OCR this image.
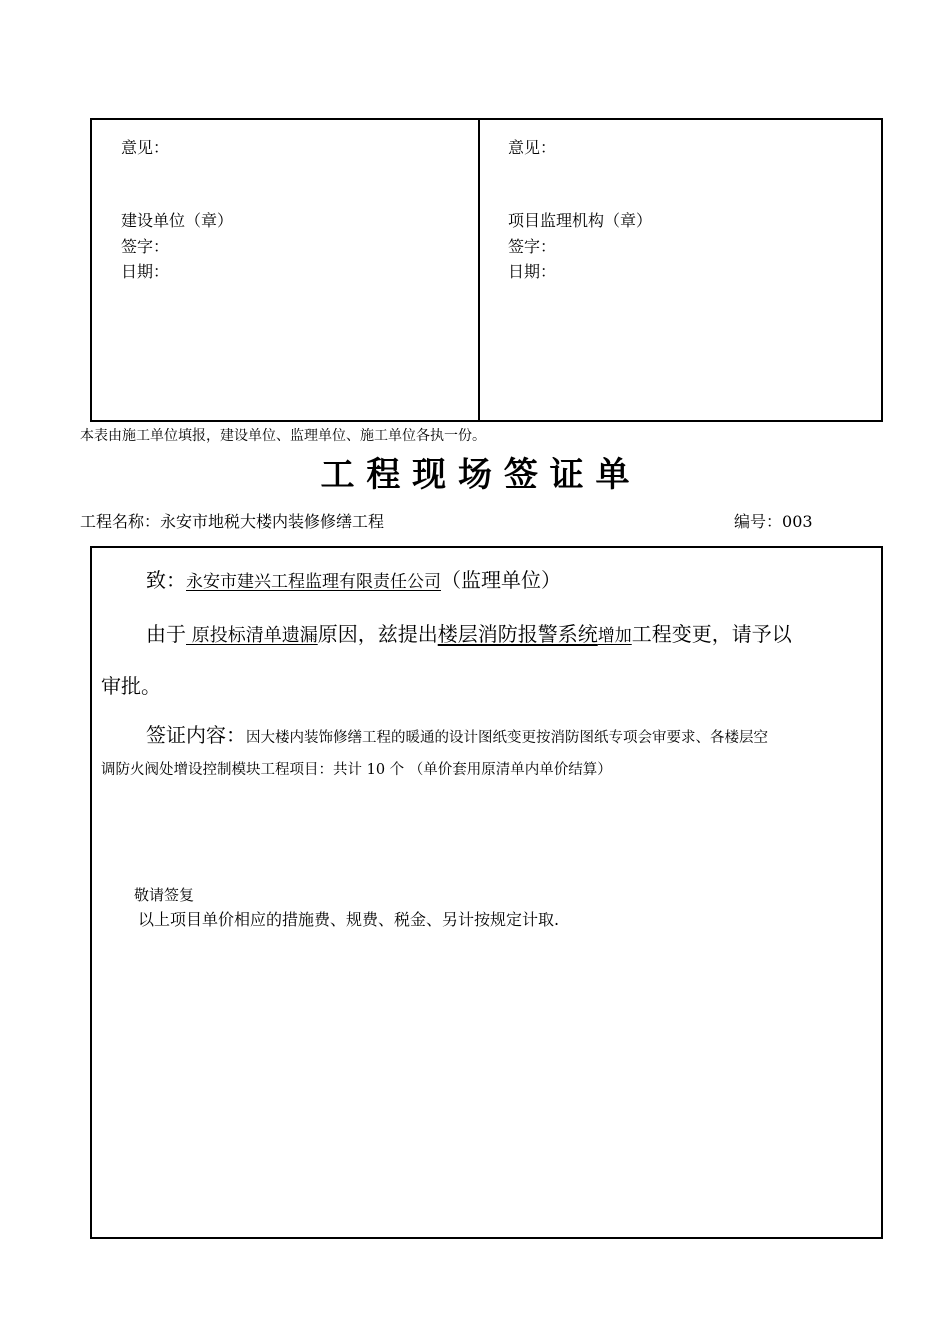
意见：
建设单位（章）
签字：
日期：
意见：
项目监理机构（章）
签字：
日期：
本表由施工单位填报，建设单位、监理单位、施工单位各执一份。
工 程 现 场 签 证 单
工程名称：永安市地税大楼内装修修缮工程	编号：003
致：永安市建兴工程监理有限责任公司（监理单位）
由于 原投标清单遗漏原因，兹提出楼层消防报警系统增加工程变更，请予以
审批。
签证内容：因大楼内装饰修缮工程的暖通的设计图纸变更按消防图纸专项会审要求、各楼层空
调防火阀处增设控制模块工程项目：共计 10 个 （单价套用原清单内单价结算）
敬请签复
以上项目单价相应的措施费、规费、税金、另计按规定计取.
